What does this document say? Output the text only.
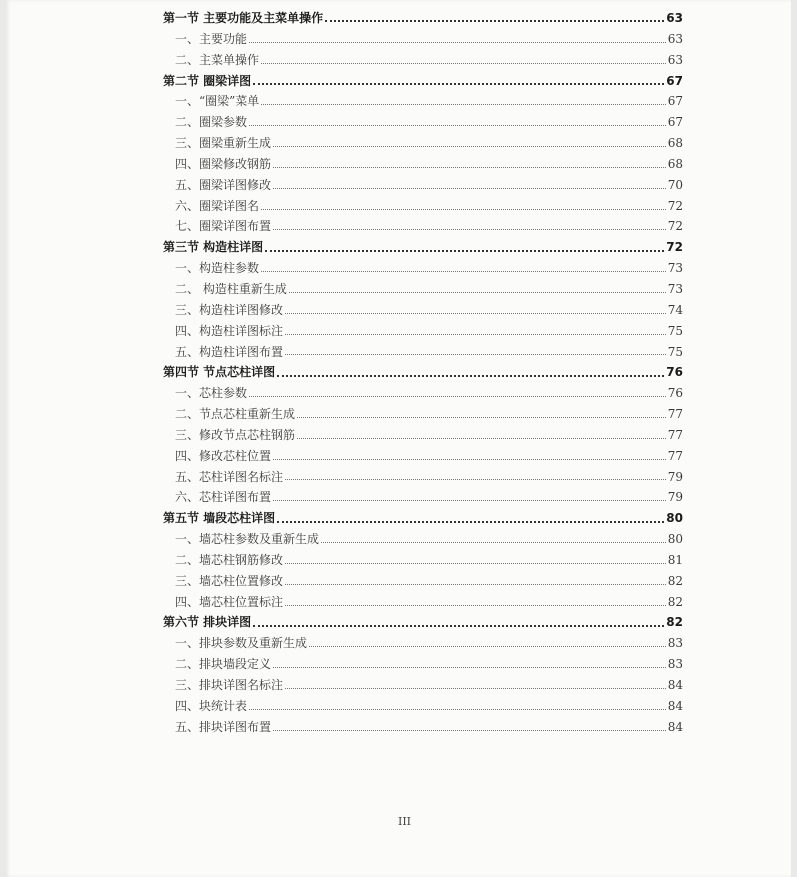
第一节 主要功能及主菜单操作	63
一、主要功能	63
二、主菜单操作	63
第二节 圈梁详图	67
一、“圈梁”菜单	67
二、圈梁参数	67
三、圈梁重新生成	68
四、圈梁修改钢筋	68
五、圈梁详图修改	70
六、圈梁详图名	72
七、圈梁详图布置	72
第三节 构造柱详图	72
一、构造柱参数	73
二、 构造柱重新生成	73
三、构造柱详图修改	74
四、构造柱详图标注	75
五、构造柱详图布置	75
第四节 节点芯柱详图	76
一、芯柱参数	76
二、节点芯柱重新生成	77
三、修改节点芯柱钢筋	77
四、修改芯柱位置	77
五、芯柱详图名标注	79
六、芯柱详图布置	79
第五节 墙段芯柱详图	80
一、墙芯柱参数及重新生成	80
二、墙芯柱钢筋修改	81
三、墙芯柱位置修改	82
四、墙芯柱位置标注	82
第六节 排块详图	82
一、排块参数及重新生成	83
二、排块墙段定义	83
三、排块详图名标注	84
四、块统计表	84
五、排块详图布置	84
III
